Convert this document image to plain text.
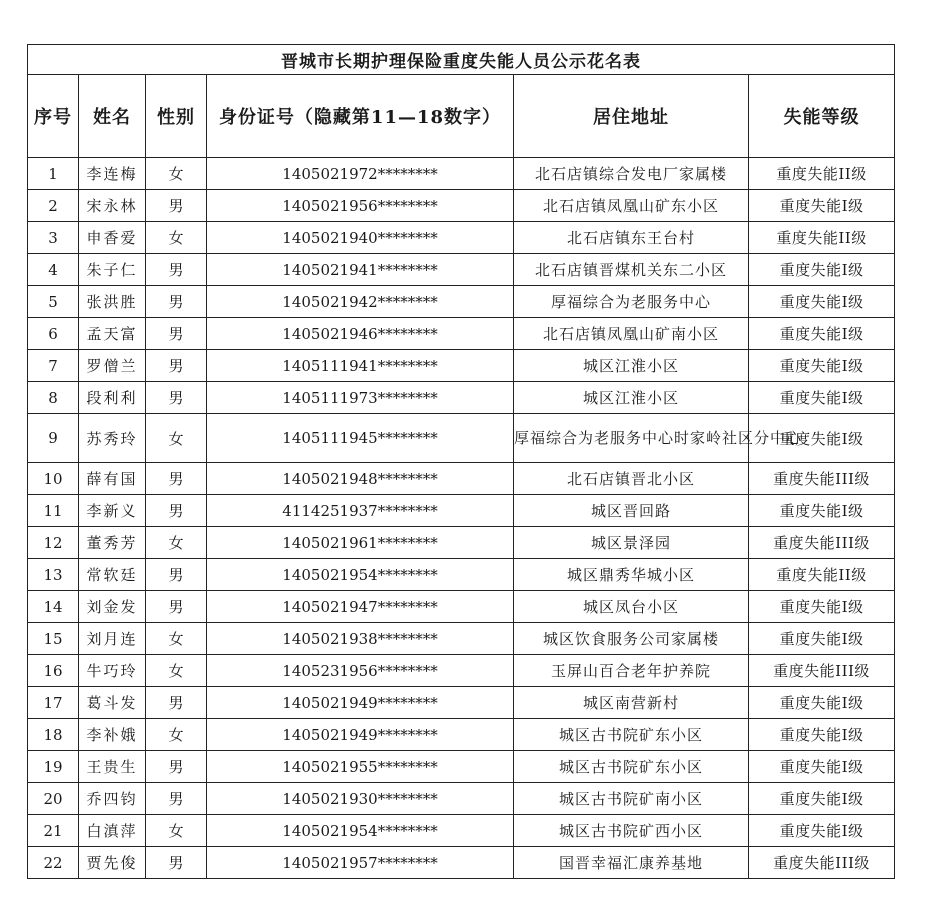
晋城市长期护理保险重度失能人员公示花名表					
序号	姓名	性别	身份证号（隐藏第11—18数字）	居住地址	失能等级
1	李连梅	女	1405021972********	北石店镇综合发电厂家属楼	重度失能II级
2	宋永林	男	1405021956********	北石店镇凤凰山矿东小区	重度失能Ⅰ级
3	申香爱	女	1405021940********	北石店镇东王台村	重度失能II级
4	朱子仁	男	1405021941********	北石店镇晋煤机关东二小区	重度失能Ⅰ级
5	张洪胜	男	1405021942********	厚福综合为老服务中心	重度失能Ⅰ级
6	孟天富	男	1405021946********	北石店镇凤凰山矿南小区	重度失能Ⅰ级
7	罗僧兰	男	1405111941********	城区江淮小区	重度失能Ⅰ级
8	段利利	男	1405111973********	城区江淮小区	重度失能Ⅰ级
9	苏秀玲	女	1405111945********	厚福综合为老服务中心时家岭社区分中心	重度失能Ⅰ级
10	薛有国	男	1405021948********	北石店镇晋北小区	重度失能III级
11	李新义	男	4114251937********	城区晋回路	重度失能Ⅰ级
12	董秀芳	女	1405021961********	城区景泽园	重度失能III级
13	常软廷	男	1405021954********	城区鼎秀华城小区	重度失能II级
14	刘金发	男	1405021947********	城区凤台小区	重度失能Ⅰ级
15	刘月连	女	1405021938********	城区饮食服务公司家属楼	重度失能Ⅰ级
16	牛巧玲	女	1405231956********	玉屏山百合老年护养院	重度失能III级
17	葛斗发	男	1405021949********	城区南营新村	重度失能Ⅰ级
18	李补娥	女	1405021949********	城区古书院矿东小区	重度失能Ⅰ级
19	王贵生	男	1405021955********	城区古书院矿东小区	重度失能Ⅰ级
20	乔四钧	男	1405021930********	城区古书院矿南小区	重度失能Ⅰ级
21	白滇萍	女	1405021954********	城区古书院矿西小区	重度失能Ⅰ级
22	贾先俊	男	1405021957********	国晋幸福汇康养基地	重度失能III级
